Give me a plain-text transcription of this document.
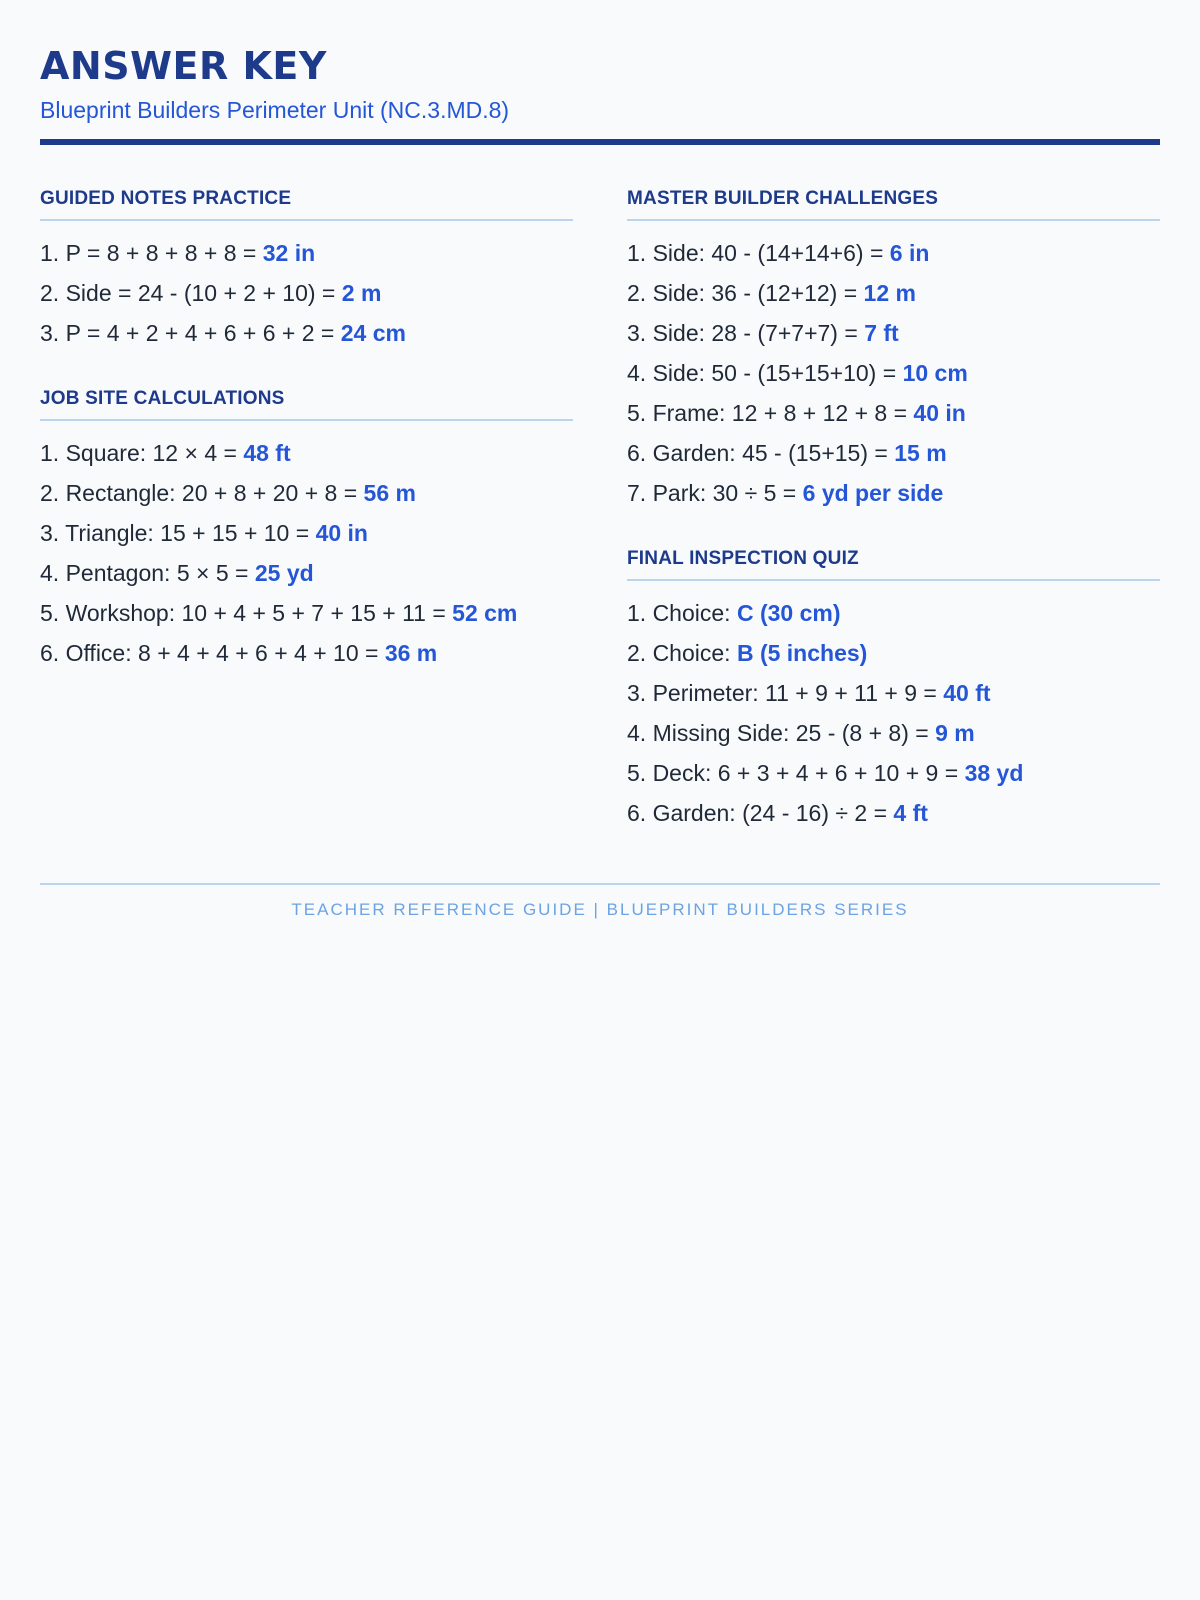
ANSWER KEY
Blueprint Builders Perimeter Unit (NC.3.MD.8)
GUIDED NOTES PRACTICE
1. P = 8 + 8 + 8 + 8 = 32 in
2. Side = 24 - (10 + 2 + 10) = 2 m
3. P = 4 + 2 + 4 + 6 + 6 + 2 = 24 cm
JOB SITE CALCULATIONS
1. Square: 12 × 4 = 48 ft
2. Rectangle: 20 + 8 + 20 + 8 = 56 m
3. Triangle: 15 + 15 + 10 = 40 in
4. Pentagon: 5 × 5 = 25 yd
5. Workshop: 10 + 4 + 5 + 7 + 15 + 11 = 52 cm
6. Office: 8 + 4 + 4 + 6 + 4 + 10 = 36 m
MASTER BUILDER CHALLENGES
1. Side: 40 - (14+14+6) = 6 in
2. Side: 36 - (12+12) = 12 m
3. Side: 28 - (7+7+7) = 7 ft
4. Side: 50 - (15+15+10) = 10 cm
5. Frame: 12 + 8 + 12 + 8 = 40 in
6. Garden: 45 - (15+15) = 15 m
7. Park: 30 ÷ 5 = 6 yd per side
FINAL INSPECTION QUIZ
1. Choice: C (30 cm)
2. Choice: B (5 inches)
3. Perimeter: 11 + 9 + 11 + 9 = 40 ft
4. Missing Side: 25 - (8 + 8) = 9 m
5. Deck: 6 + 3 + 4 + 6 + 10 + 9 = 38 yd
6. Garden: (24 - 16) ÷ 2 = 4 ft
TEACHER REFERENCE GUIDE | BLUEPRINT BUILDERS SERIES
